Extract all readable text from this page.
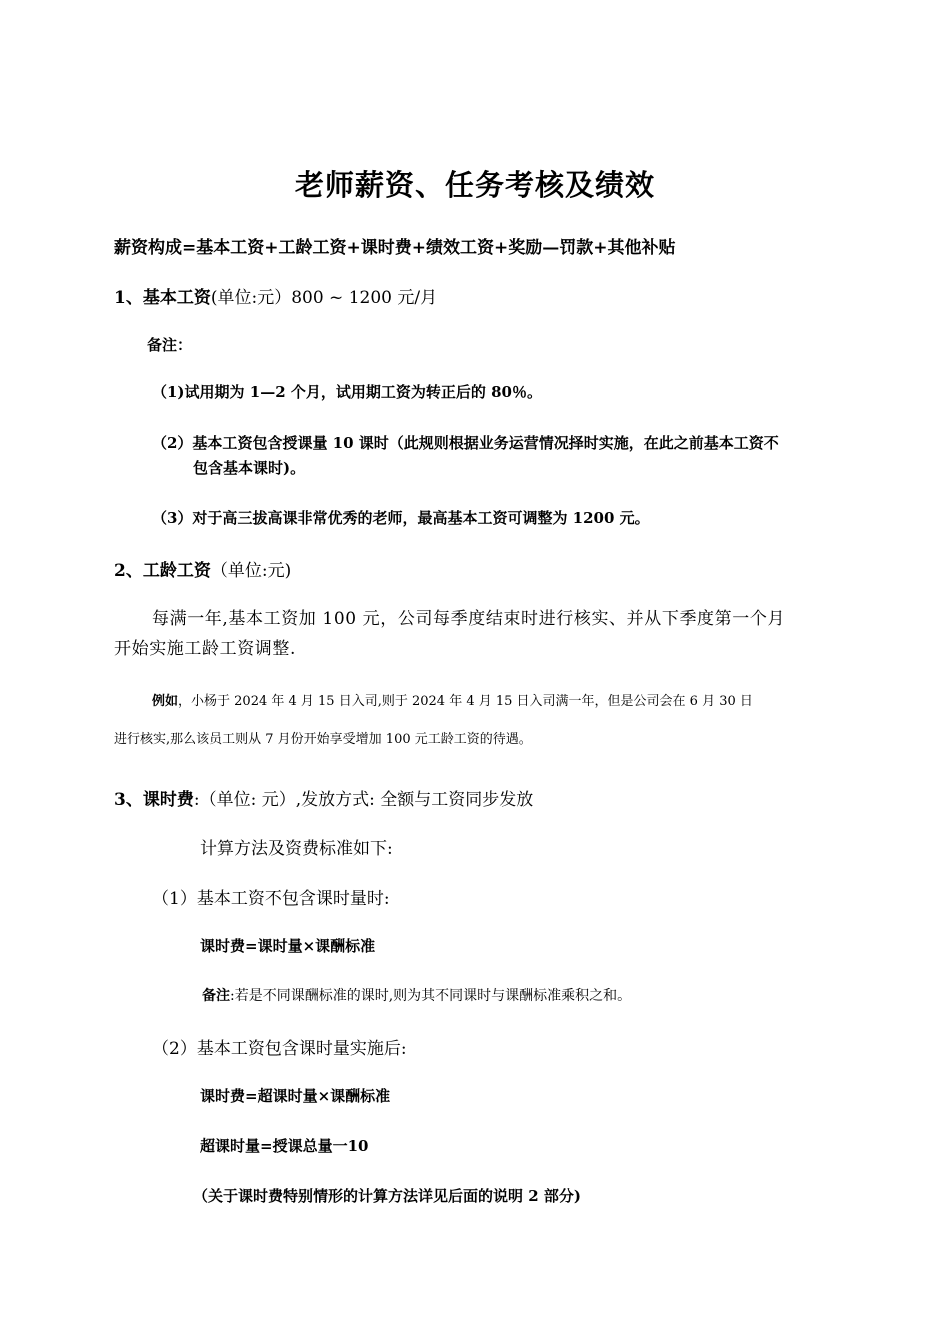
老师薪资、任务考核及绩效
薪资构成=基本工资+工龄工资+课时费+绩效工资+奖励—罚款+其他补贴
1、基本工资(单位:元）800 ~ 1200 元/月
备注：
（1)试用期为 1—2 个月，试用期工资为转正后的 80％。
（2）基本工资包含授课量 10 课时（此规则根据业务运营情况择时实施，在此之前基本工资不
包含基本课时)。
（3）对于高三拔高课非常优秀的老师，最高基本工资可调整为 1200 元。
2、工龄工资（单位:元)
每满一年,基本工资加 100 元，公司每季度结束时进行核实、并从下季度第一个月
开始实施工龄工资调整.
例如，小杨于 2024 年 4 月 15 日入司,则于 2024 年 4 月 15 日入司满一年，但是公司会在 6 月 30 日
进行核实,那么该员工则从 7 月份开始享受增加 100 元工龄工资的待遇。
3、课时费:（单位: 元）,发放方式: 全额与工资同步发放
计算方法及资费标准如下:
（1）基本工资不包含课时量时:
课时费=课时量×课酬标准
备注:若是不同课酬标准的课时,则为其不同课时与课酬标准乘积之和。
（2）基本工资包含课时量实施后:
课时费=超课时量×课酬标准
超课时量=授课总量一10
（关于课时费特别情形的计算方法详见后面的说明 2 部分)
